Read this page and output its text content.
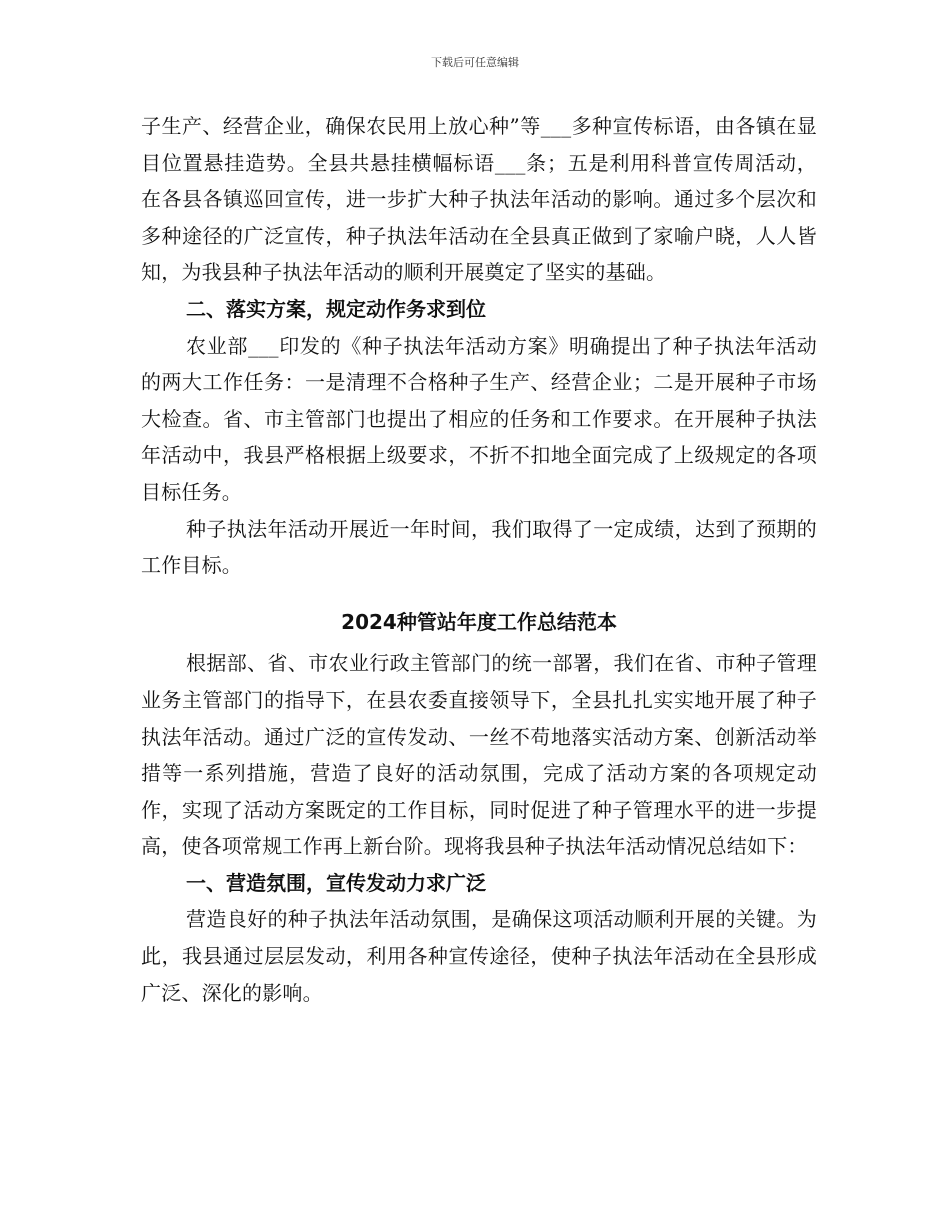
下载后可任意编辑

子生产、经营企业，确保农民用上放心种”等___多种宣传标语，由各镇在显目位置悬挂造势。全县共悬挂横幅标语___条；五是利用科普宣传周活动，在各县各镇巡回宣传，进一步扩大种子执法年活动的影响。通过多个层次和多种途径的广泛宣传，种子执法年活动在全县真正做到了家喻户晓，人人皆知，为我县种子执法年活动的顺利开展奠定了坚实的基础。

二、落实方案，规定动作务求到位

农业部___印发的《种子执法年活动方案》明确提出了种子执法年活动的两大工作任务：一是清理不合格种子生产、经营企业；二是开展种子市场大检查。省、市主管部门也提出了相应的任务和工作要求。在开展种子执法年活动中，我县严格根据上级要求，不折不扣地全面完成了上级规定的各项目标任务。

种子执法年活动开展近一年时间，我们取得了一定成绩，达到了预期的工作目标。

2024种管站年度工作总结范本

根据部、省、市农业行政主管部门的统一部署，我们在省、市种子管理业务主管部门的指导下，在县农委直接领导下，全县扎扎实实地开展了种子执法年活动。通过广泛的宣传发动、一丝不苟地落实活动方案、创新活动举措等一系列措施，营造了良好的活动氛围，完成了活动方案的各项规定动作，实现了活动方案既定的工作目标，同时促进了种子管理水平的进一步提高，使各项常规工作再上新台阶。现将我县种子执法年活动情况总结如下：

一、营造氛围，宣传发动力求广泛

营造良好的种子执法年活动氛围，是确保这项活动顺利开展的关键。为此，我县通过层层发动，利用各种宣传途径，使种子执法年活动在全县形成广泛、深化的影响。
